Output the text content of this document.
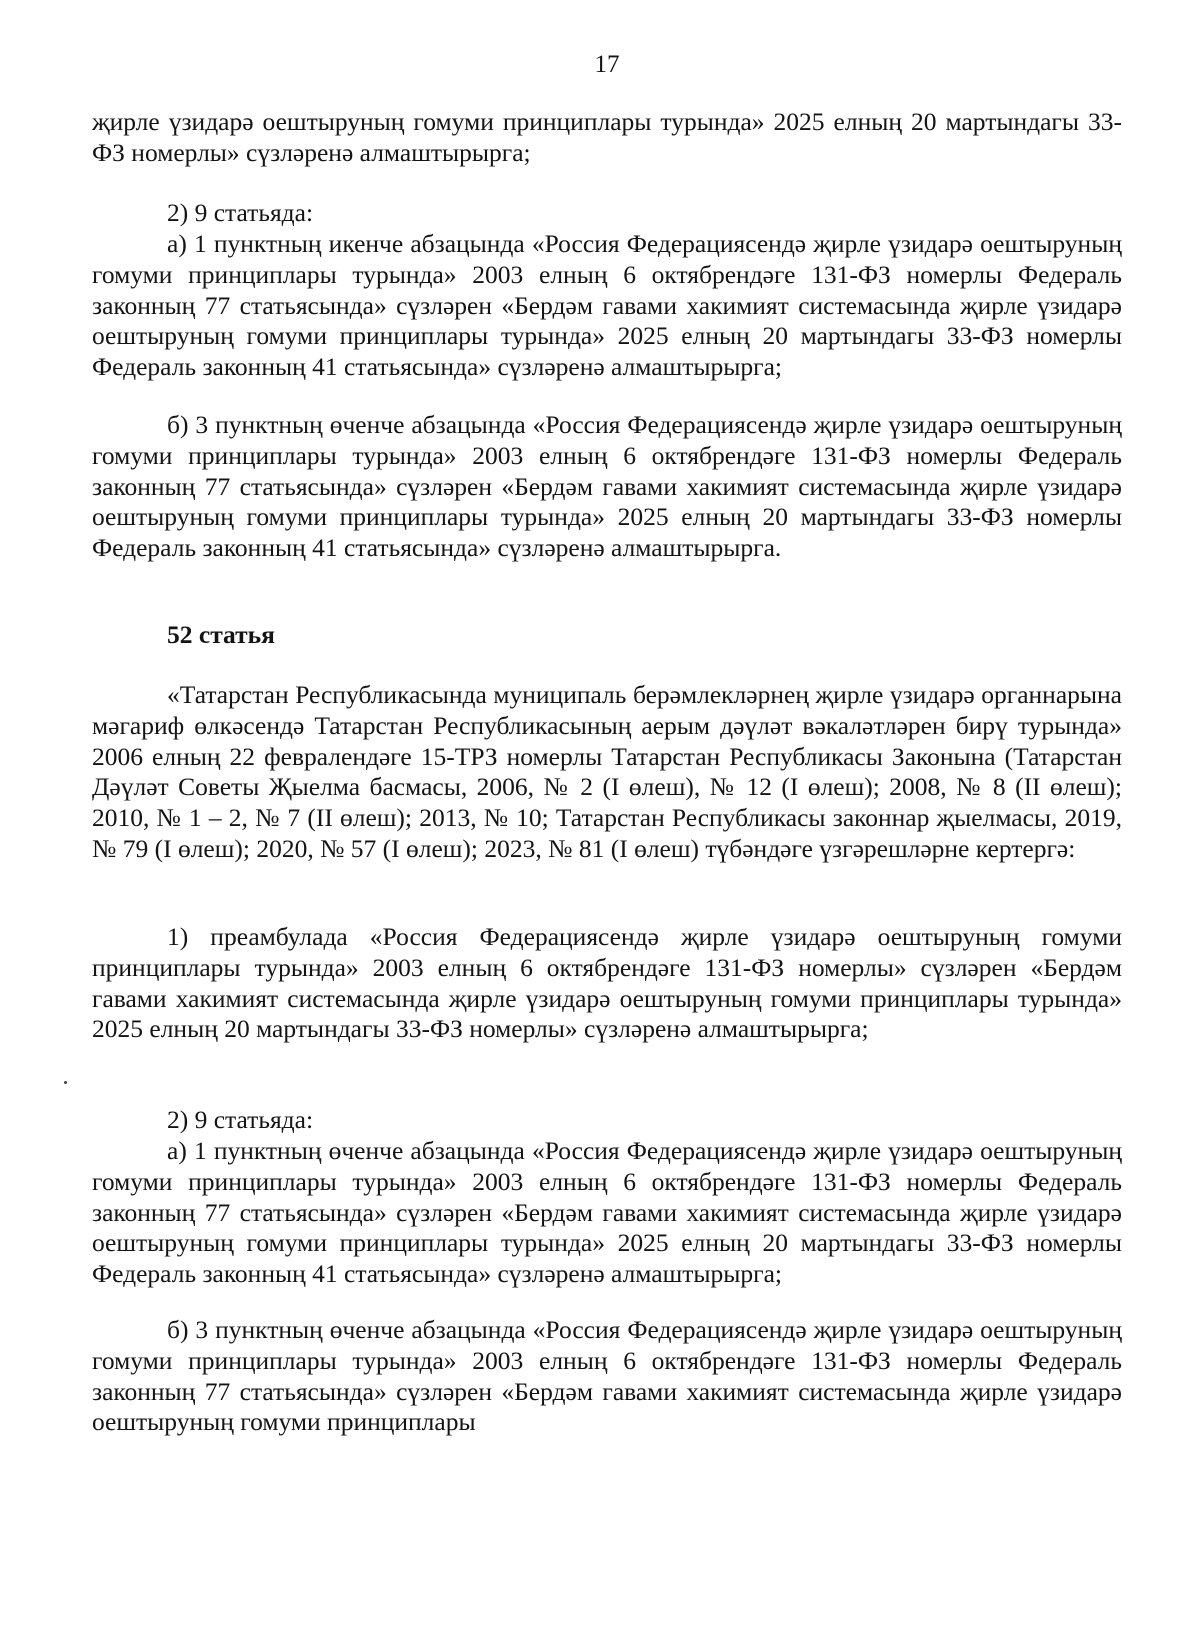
17

җирле үзидарә оештыруның гомуми принциплары турында» 2025 елның 20 мартындагы 33-ФЗ номерлы» сүзләренә алмаштырырга;

2) 9 статьяда:

а) 1 пунктның икенче абзацында «Россия Федерациясендә җирле үзидарә оештыруның гомуми принциплары турында» 2003 елның 6 октябрендәге 131-ФЗ номерлы Федераль законның 77 статьясында» сүзләрен «Бердәм гавами хакимият системасында җирле үзидарә оештыруның гомуми принциплары турында» 2025 елның 20 мартындагы 33-ФЗ номерлы Федераль законның 41 статьясында» сүзләренә алмаштырырга;

б) 3 пунктның өченче абзацында «Россия Федерациясендә җирле үзидарә оештыруның гомуми принциплары турында» 2003 елның 6 октябрендәге 131-ФЗ номерлы Федераль законның 77 статьясында» сүзләрен «Бердәм гавами хакимият системасында җирле үзидарә оештыруның гомуми принциплары турында» 2025 елның 20 мартындагы 33-ФЗ номерлы Федераль законның 41 статьясында» сүзләренә алмаштырырга.

52 статья

«Татарстан Республикасында муниципаль берәмлекләрнең җирле үзидарә органнарына мәгариф өлкәсендә Татарстан Республикасының аерым дәүләт вәкаләтләрен бирү турында» 2006 елның 22 февралендәге 15-ТРЗ номерлы Татарстан Республикасы Законына (Татарстан Дәүләт Советы Җыелма басмасы, 2006, № 2 (I өлеш), № 12 (I өлеш); 2008, № 8 (II өлеш); 2010, № 1 – 2, № 7 (II өлеш); 2013, № 10; Татарстан Республикасы законнар җыелмасы, 2019, № 79 (I өлеш); 2020, № 57 (I өлеш); 2023, № 81 (I өлеш) түбәндәге үзгәрешләрне кертергә:

1) преамбулада «Россия Федерациясендә җирле үзидарә оештыруның гомуми принциплары турында» 2003 елның 6 октябрендәге 131-ФЗ номерлы» сүзләрен «Бердәм гавами хакимият системасында җирле үзидарә оештыруның гомуми принциплары турында» 2025 елның 20 мартындагы 33-ФЗ номерлы» сүзләренә алмаштырырга;

2) 9 статьяда:

а) 1 пунктның өченче абзацында «Россия Федерациясендә җирле үзидарә оештыруның гомуми принциплары турында» 2003 елның 6 октябрендәге 131-ФЗ номерлы Федераль законның 77 статьясында» сүзләрен «Бердәм гавами хакимият системасында җирле үзидарә оештыруның гомуми принциплары турында» 2025 елның 20 мартындагы 33-ФЗ номерлы Федераль законның 41 статьясында» сүзләренә алмаштырырга;

б) 3 пунктның өченче абзацында «Россия Федерациясендә җирле үзидарә оештыруның гомуми принциплары турында» 2003 елның 6 октябрендәге 131-ФЗ номерлы Федераль законның 77 статьясында» сүзләрен «Бердәм гавами хакимият системасында җирле үзидарә оештыруның гомуми принциплары
